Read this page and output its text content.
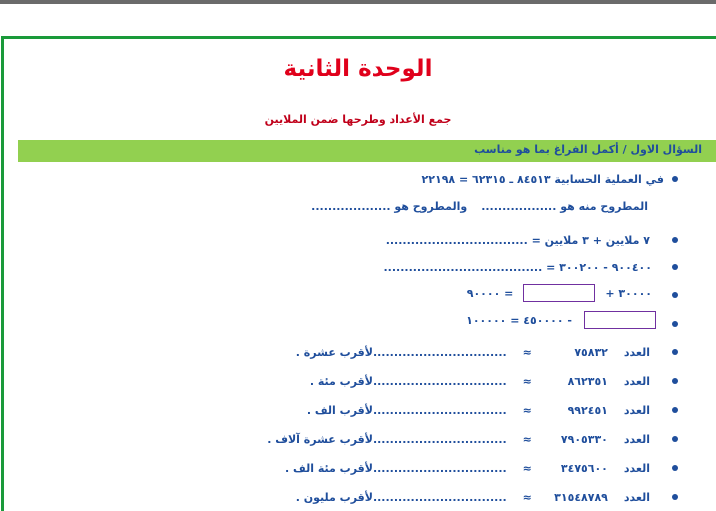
الوحدة الثانية
جمع الأعداد وطرحها ضمن الملايين
السؤال الاول / أكمل الفراغ بما هو مناسب
في العملية الحسابية ٨٤٥١٣ ـ ٦٢٣١٥ = ٢٢١٩٨
المطروح منه هو ..................
والمطروح هو ...................
٧ ملايين + ٣ ملايين = ..................................
٩٠٠٤٠٠ - ٣٠٠٢٠٠ = ......................................
٣٠٠٠٠ +
= ٩٠٠٠٠
- ٤٥٠٠٠٠ = ١٠٠٠٠٠
العدد
٧٥٨٣٢
≈
................................
لأقرب عشرة .
العدد
٨٦٢٣٥١
≈
................................
لأقرب مئة .
العدد
٩٩٢٤٥١
≈
................................
لأقرب الف .
العدد
٧٩٠٥٣٣٠
≈
................................
لأقرب عشرة آلاف .
العدد
٣٤٧٥٦٠٠
≈
................................
لأقرب مئة الف .
العدد
٣١٥٤٨٧٨٩
≈
................................
لأقرب مليون .
